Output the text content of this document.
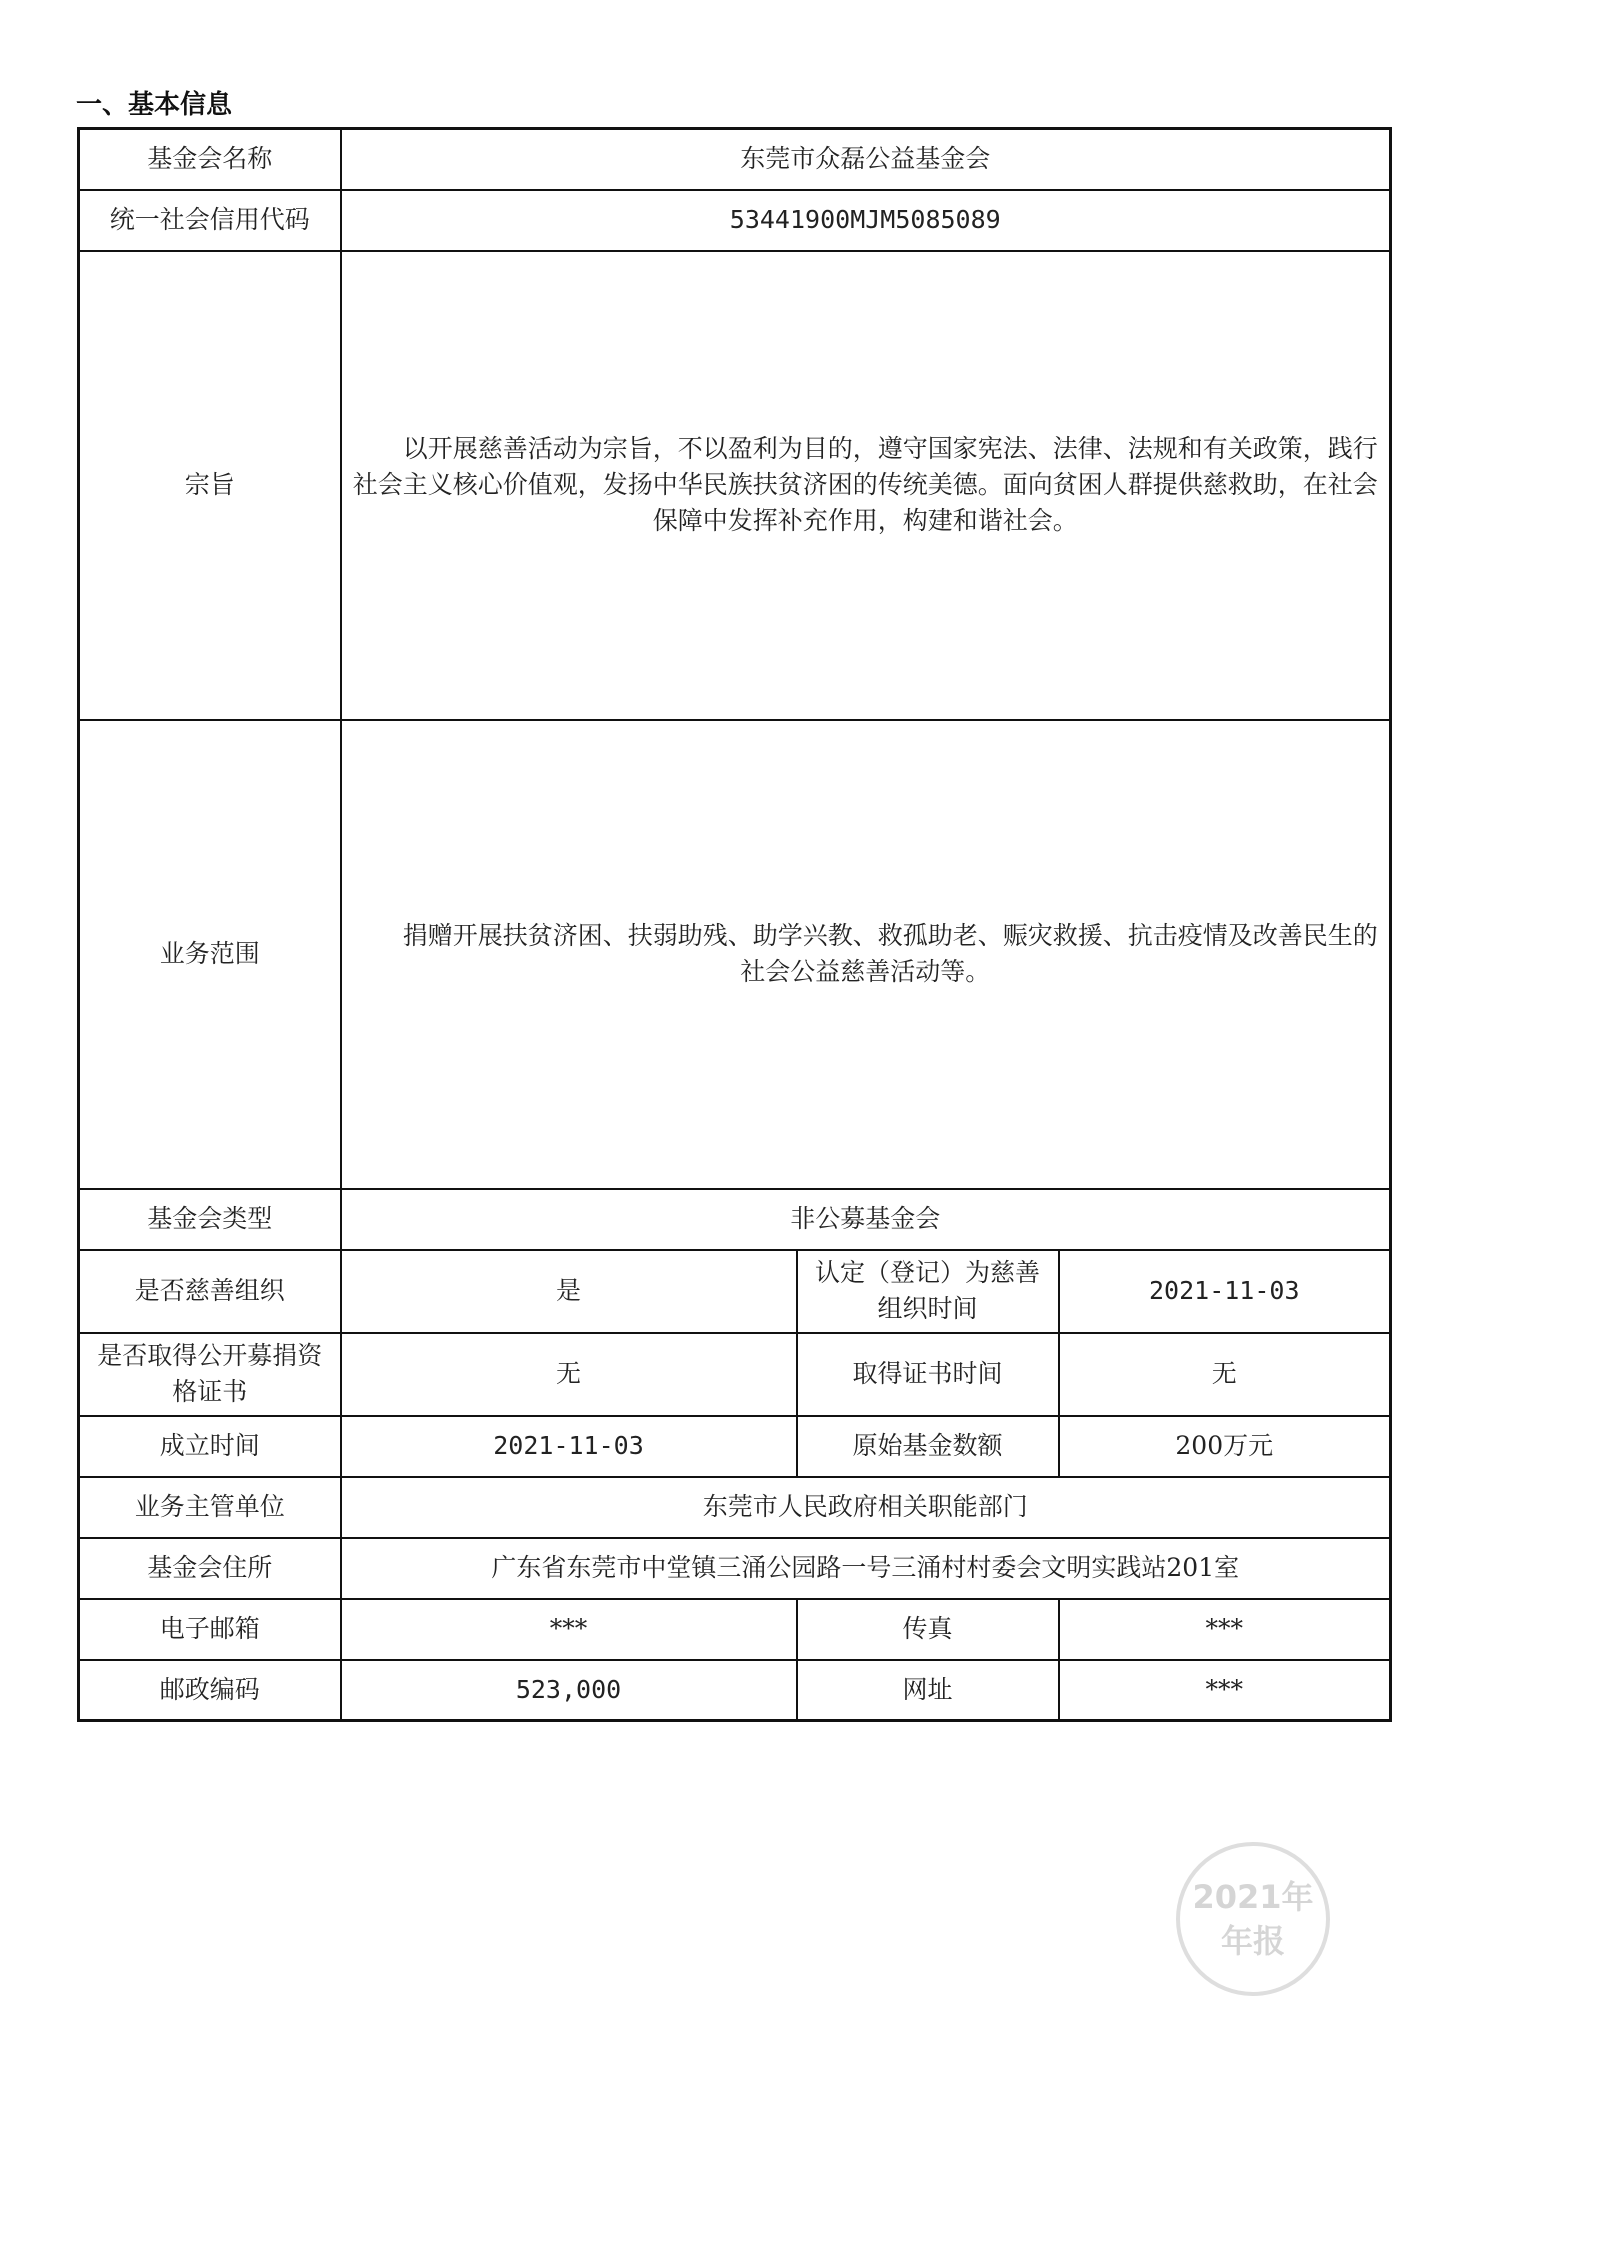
一、基本信息
基金会名称	东莞市众磊公益基金会		
统一社会信用代码	53441900MJM5085089		
宗旨	以开展慈善活动为宗旨，不以盈利为目的，遵守国家宪法、法律、法规和有关政策，践行社会主义核心价值观，发扬中华民族扶贫济困的传统美德。面向贫困人群提供慈救助，在社会保障中发挥补充作用，构建和谐社会。		

业务范围	捐赠开展扶贫济困、扶弱助残、助学兴教、救孤助老、赈灾救援、抗击疫情及改善民生的社会公益慈善活动等。		

基金会类型	非公募基金会		
是否慈善组织	是	认定（登记）为慈善组织时间	2021-11-03
是否取得公开募捐资格证书	无	取得证书时间	无
成立时间	2021-11-03	原始基金数额	200万元
业务主管单位	东莞市人民政府相关职能部门		
基金会住所	广东省东莞市中堂镇三涌公园路一号三涌村村委会文明实践站201室		
电子邮箱	***	传真	***
邮政编码	523,000	网址	***
2021年
年报
